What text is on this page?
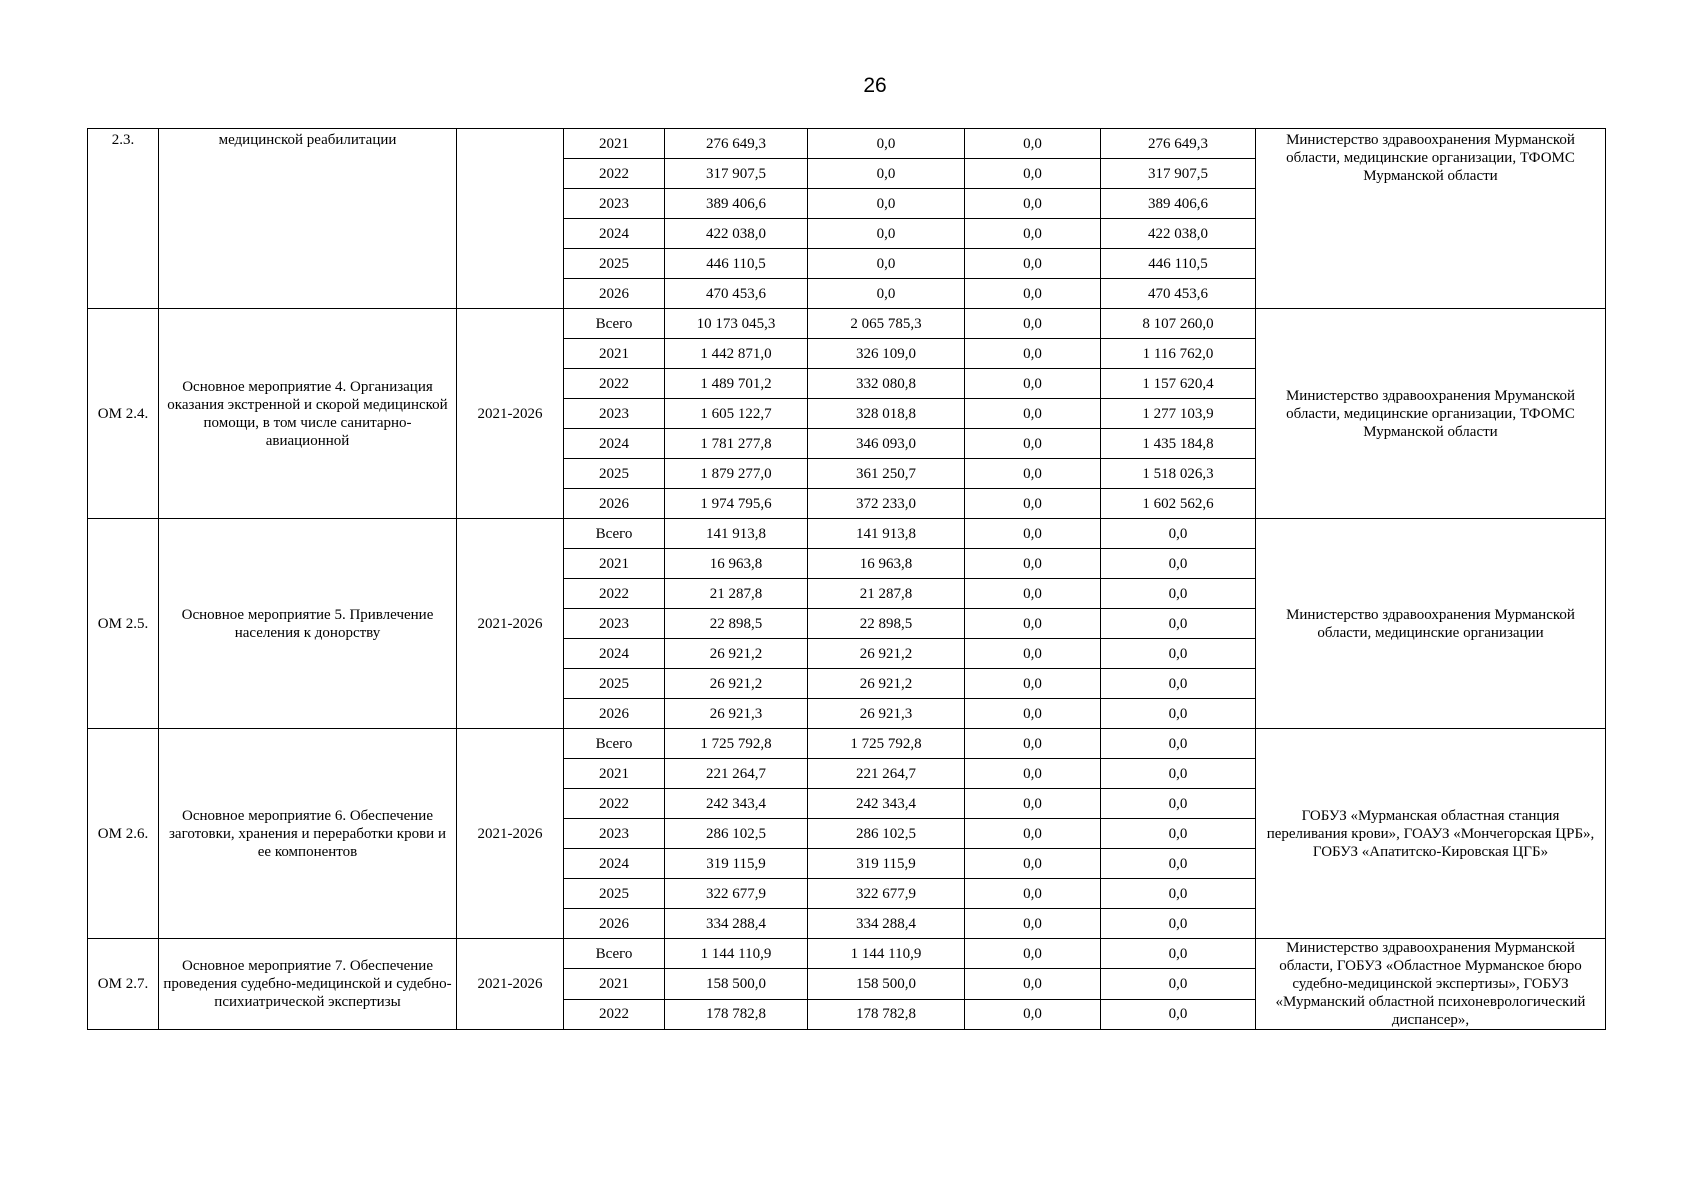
26
2.3.	медицинской реабилитации		2021	276 649,3	0,0	0,0	276 649,3	Министерство здравоохранения Мурманской области, медицинские организации, ТФОМС Мурманской области
			2022	317 907,5	0,0	0,0	317 907,5	
			2023	389 406,6	0,0	0,0	389 406,6	
			2024	422 038,0	0,0	0,0	422 038,0	
			2025	446 110,5	0,0	0,0	446 110,5	
			2026	470 453,6	0,0	0,0	470 453,6	
ОМ 2.4.	Основное мероприятие 4. Организация оказания экстренной и скорой медицинской помощи, в том числе санитарно-авиационной	2021-2026	Всего	10 173 045,3	2 065 785,3	0,0	8 107 260,0	Министерство здравоохранения Мруманской области, медицинские организации, ТФОМС Мурманской области
			2021	1 442 871,0	326 109,0	0,0	1 116 762,0	
			2022	1 489 701,2	332 080,8	0,0	1 157 620,4	
			2023	1 605 122,7	328 018,8	0,0	1 277 103,9	
			2024	1 781 277,8	346 093,0	0,0	1 435 184,8	
			2025	1 879 277,0	361 250,7	0,0	1 518 026,3	
			2026	1 974 795,6	372 233,0	0,0	1 602 562,6	
ОМ 2.5.	Основное мероприятие 5. Привлечение населения к донорству	2021-2026	Всего	141 913,8	141 913,8	0,0	0,0	Министерство здравоохранения Мурманской области, медицинские организации
			2021	16 963,8	16 963,8	0,0	0,0	
			2022	21 287,8	21 287,8	0,0	0,0	
			2023	22 898,5	22 898,5	0,0	0,0	
			2024	26 921,2	26 921,2	0,0	0,0	
			2025	26 921,2	26 921,2	0,0	0,0	
			2026	26 921,3	26 921,3	0,0	0,0	
ОМ 2.6.	Основное мероприятие 6. Обеспечение заготовки, хранения и переработки крови и ее компонентов	2021-2026	Всего	1 725 792,8	1 725 792,8	0,0	0,0	ГОБУЗ «Мурманская областная станция переливания крови», ГОАУЗ «Мончегорская ЦРБ», ГОБУЗ «Апатитско-Кировская ЦГБ»
			2021	221 264,7	221 264,7	0,0	0,0	
			2022	242 343,4	242 343,4	0,0	0,0	
			2023	286 102,5	286 102,5	0,0	0,0	
			2024	319 115,9	319 115,9	0,0	0,0	
			2025	322 677,9	322 677,9	0,0	0,0	
			2026	334 288,4	334 288,4	0,0	0,0	
ОМ 2.7.	Основное мероприятие 7. Обеспечение проведения судебно-медицинской и судебно-психиатрической экспертизы	2021-2026	Всего	1 144 110,9	1 144 110,9	0,0	0,0	Министерство здравоохранения Мурманской области, ГОБУЗ «Областное Мурманское бюро судебно-медицинской экспертизы», ГОБУЗ «Мурманский областной психоневрологический диспансер»,
			2021	158 500,0	158 500,0	0,0	0,0	
			2022	178 782,8	178 782,8	0,0	0,0	
